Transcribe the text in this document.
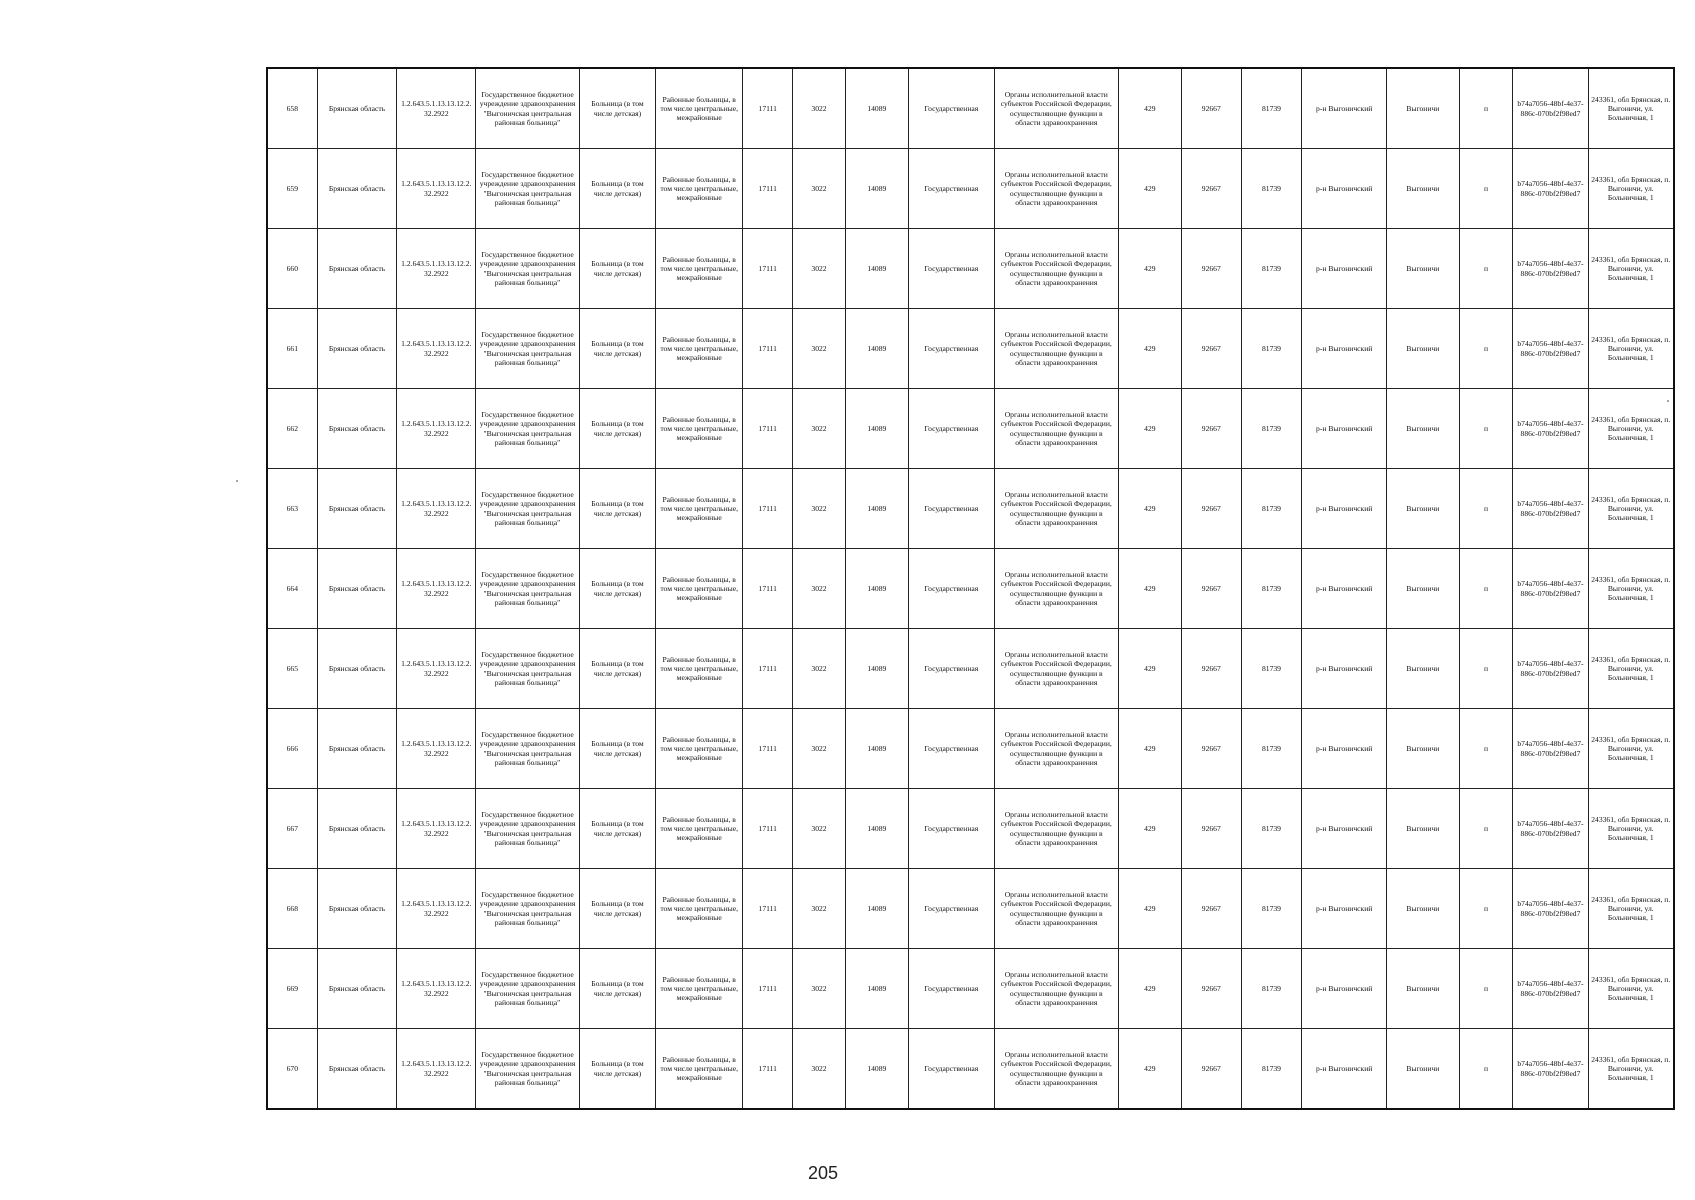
658	Брянская область	1.2.643.5.1.13.13.12.2.32.2922	Государственное бюджетное учреждение здравоохранения "Выгоничская центральная районная больница"	Больница (в том числе детская)	Районные больницы, в том числе центральные, межрайонные	17111	3022	14089	Государственная	Органы исполнительной власти субъектов Российской Федерации, осуществляющие функции в области здравоохранения	429	92667	81739	р-н Выгоничский	Выгоничи	п	b74a7056-48bf-4e37-886c-070bf2f98ed7	243361, обл Брянская, п. Выгоничи, ул. Больничная, 1
659	Брянская область	1.2.643.5.1.13.13.12.2.32.2922	Государственное бюджетное учреждение здравоохранения "Выгоничская центральная районная больница"	Больница (в том числе детская)	Районные больницы, в том числе центральные, межрайонные	17111	3022	14089	Государственная	Органы исполнительной власти субъектов Российской Федерации, осуществляющие функции в области здравоохранения	429	92667	81739	р-н Выгоничский	Выгоничи	п	b74a7056-48bf-4e37-886c-070bf2f98ed7	243361, обл Брянская, п. Выгоничи, ул. Больничная, 1
660	Брянская область	1.2.643.5.1.13.13.12.2.32.2922	Государственное бюджетное учреждение здравоохранения "Выгоничская центральная районная больница"	Больница (в том числе детская)	Районные больницы, в том числе центральные, межрайонные	17111	3022	14089	Государственная	Органы исполнительной власти субъектов Российской Федерации, осуществляющие функции в области здравоохранения	429	92667	81739	р-н Выгоничский	Выгоничи	п	b74a7056-48bf-4e37-886c-070bf2f98ed7	243361, обл Брянская, п. Выгоничи, ул. Больничная, 1
661	Брянская область	1.2.643.5.1.13.13.12.2.32.2922	Государственное бюджетное учреждение здравоохранения "Выгоничская центральная районная больница"	Больница (в том числе детская)	Районные больницы, в том числе центральные, межрайонные	17111	3022	14089	Государственная	Органы исполнительной власти субъектов Российской Федерации, осуществляющие функции в области здравоохранения	429	92667	81739	р-н Выгоничский	Выгоничи	п	b74a7056-48bf-4e37-886c-070bf2f98ed7	243361, обл Брянская, п. Выгоничи, ул. Больничная, 1
662	Брянская область	1.2.643.5.1.13.13.12.2.32.2922	Государственное бюджетное учреждение здравоохранения "Выгоничская центральная районная больница"	Больница (в том числе детская)	Районные больницы, в том числе центральные, межрайонные	17111	3022	14089	Государственная	Органы исполнительной власти субъектов Российской Федерации, осуществляющие функции в области здравоохранения	429	92667	81739	р-н Выгоничский	Выгоничи	п	b74a7056-48bf-4e37-886c-070bf2f98ed7	243361, обл Брянская, п. Выгоничи, ул. Больничная, 1
663	Брянская область	1.2.643.5.1.13.13.12.2.32.2922	Государственное бюджетное учреждение здравоохранения "Выгоничская центральная районная больница"	Больница (в том числе детская)	Районные больницы, в том числе центральные, межрайонные	17111	3022	14089	Государственная	Органы исполнительной власти субъектов Российской Федерации, осуществляющие функции в области здравоохранения	429	92667	81739	р-н Выгоничский	Выгоничи	п	b74a7056-48bf-4e37-886c-070bf2f98ed7	243361, обл Брянская, п. Выгоничи, ул. Больничная, 1
664	Брянская область	1.2.643.5.1.13.13.12.2.32.2922	Государственное бюджетное учреждение здравоохранения "Выгоничская центральная районная больница"	Больница (в том числе детская)	Районные больницы, в том числе центральные, межрайонные	17111	3022	14089	Государственная	Органы исполнительной власти субъектов Российской Федерации, осуществляющие функции в области здравоохранения	429	92667	81739	р-н Выгоничский	Выгоничи	п	b74a7056-48bf-4e37-886c-070bf2f98ed7	243361, обл Брянская, п. Выгоничи, ул. Больничная, 1
665	Брянская область	1.2.643.5.1.13.13.12.2.32.2922	Государственное бюджетное учреждение здравоохранения "Выгоничская центральная районная больница"	Больница (в том числе детская)	Районные больницы, в том числе центральные, межрайонные	17111	3022	14089	Государственная	Органы исполнительной власти субъектов Российской Федерации, осуществляющие функции в области здравоохранения	429	92667	81739	р-н Выгоничский	Выгоничи	п	b74a7056-48bf-4e37-886c-070bf2f98ed7	243361, обл Брянская, п. Выгоничи, ул. Больничная, 1
666	Брянская область	1.2.643.5.1.13.13.12.2.32.2922	Государственное бюджетное учреждение здравоохранения "Выгоничская центральная районная больница"	Больница (в том числе детская)	Районные больницы, в том числе центральные, межрайонные	17111	3022	14089	Государственная	Органы исполнительной власти субъектов Российской Федерации, осуществляющие функции в области здравоохранения	429	92667	81739	р-н Выгоничский	Выгоничи	п	b74a7056-48bf-4e37-886c-070bf2f98ed7	243361, обл Брянская, п. Выгоничи, ул. Больничная, 1
667	Брянская область	1.2.643.5.1.13.13.12.2.32.2922	Государственное бюджетное учреждение здравоохранения "Выгоничская центральная районная больница"	Больница (в том числе детская)	Районные больницы, в том числе центральные, межрайонные	17111	3022	14089	Государственная	Органы исполнительной власти субъектов Российской Федерации, осуществляющие функции в области здравоохранения	429	92667	81739	р-н Выгоничский	Выгоничи	п	b74a7056-48bf-4e37-886c-070bf2f98ed7	243361, обл Брянская, п. Выгоничи, ул. Больничная, 1
668	Брянская область	1.2.643.5.1.13.13.12.2.32.2922	Государственное бюджетное учреждение здравоохранения "Выгоничская центральная районная больница"	Больница (в том числе детская)	Районные больницы, в том числе центральные, межрайонные	17111	3022	14089	Государственная	Органы исполнительной власти субъектов Российской Федерации, осуществляющие функции в области здравоохранения	429	92667	81739	р-н Выгоничский	Выгоничи	п	b74a7056-48bf-4e37-886c-070bf2f98ed7	243361, обл Брянская, п. Выгоничи, ул. Больничная, 1
669	Брянская область	1.2.643.5.1.13.13.12.2.32.2922	Государственное бюджетное учреждение здравоохранения "Выгоничская центральная районная больница"	Больница (в том числе детская)	Районные больницы, в том числе центральные, межрайонные	17111	3022	14089	Государственная	Органы исполнительной власти субъектов Российской Федерации, осуществляющие функции в области здравоохранения	429	92667	81739	р-н Выгоничский	Выгоничи	п	b74a7056-48bf-4e37-886c-070bf2f98ed7	243361, обл Брянская, п. Выгоничи, ул. Больничная, 1
670	Брянская область	1.2.643.5.1.13.13.12.2.32.2922	Государственное бюджетное учреждение здравоохранения "Выгоничская центральная районная больница"	Больница (в том числе детская)	Районные больницы, в том числе центральные, межрайонные	17111	3022	14089	Государственная	Органы исполнительной власти субъектов Российской Федерации, осуществляющие функции в области здравоохранения	429	92667	81739	р-н Выгоничский	Выгоничи	п	b74a7056-48bf-4e37-886c-070bf2f98ed7	243361, обл Брянская, п. Выгоничи, ул. Больничная, 1
205
